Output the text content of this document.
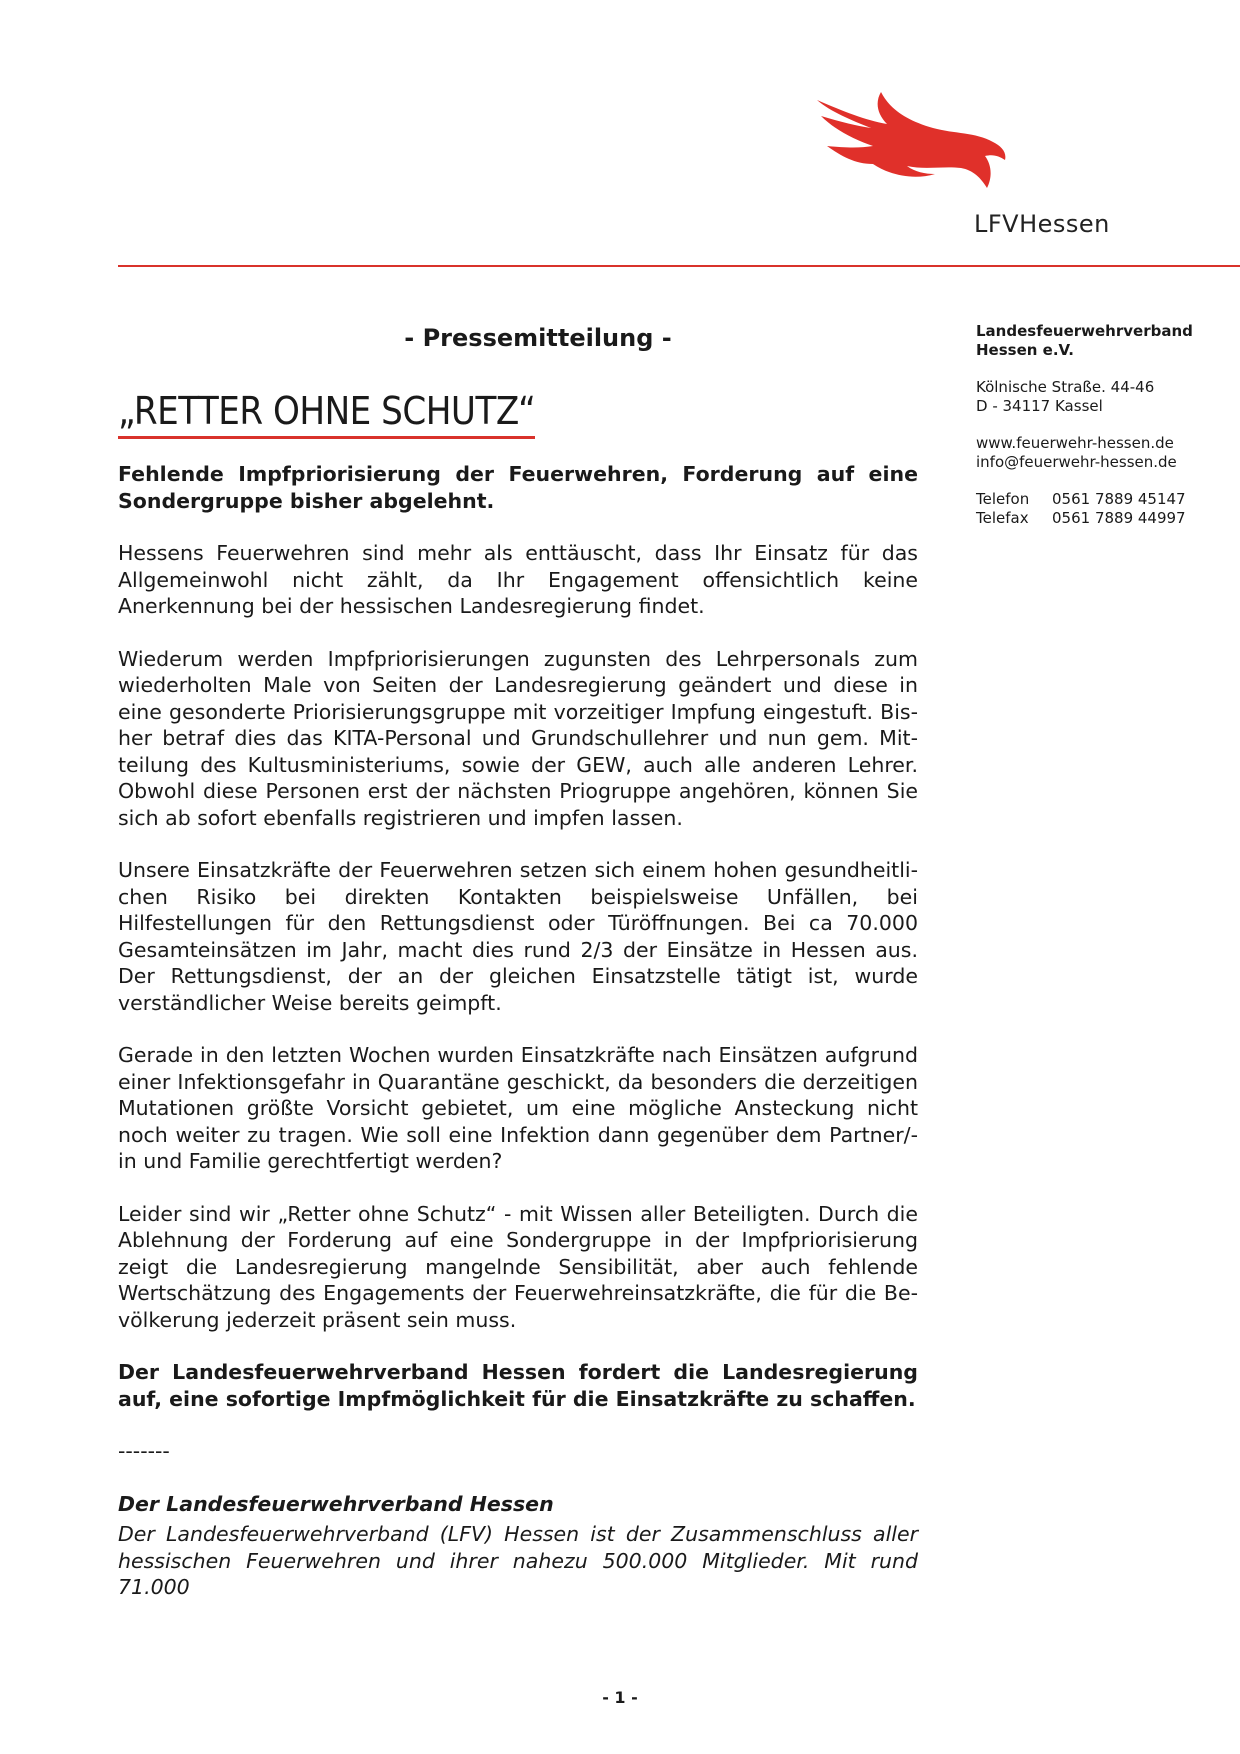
LFVHessen
Landesfeuerwehrverband
Hessen e.V.
Kölnische Straße. 44-46
D - 34117 Kassel
www.feuerwehr-hessen.de
info@feuerwehr-hessen.de
Telefon	0561 7889 45147
Telefax	0561 7889 44997
- Pressemitteilung -
„RETTER OHNE SCHUTZ“

Fehlende Impfpriorisierung der Feuerwehren, Forderung auf eine Sondergruppe bisher abgelehnt.

Hessens Feuerwehren sind mehr als enttäuscht, dass Ihr Einsatz für das Allgemeinwohl nicht zählt, da Ihr Engagement offensichtlich keine Anerkennung bei der hessischen Landesregierung findet.

Wiederum werden Impfpriorisierungen zugunsten des Lehrpersonals zum wiederholten Male von Seiten der Landesregierung geändert und diese in eine gesonderte Priorisierungsgruppe mit vorzeitiger Impfung eingestuft. Bisher betraf dies das KITA-Personal und Grundschullehrer und nun gem. Mitteilung des Kultusministeriums, sowie der GEW, auch alle anderen Lehrer. Obwohl diese Personen erst der nächsten Priogruppe angehören, können Sie sich ab sofort ebenfalls registrieren und impfen lassen.

Unsere Einsatzkräfte der Feuerwehren setzen sich einem hohen gesundheitlichen Risiko bei direkten Kontakten beispielsweise Unfällen, bei Hilfestellungen für den Rettungsdienst oder Türöffnungen. Bei ca 70.000 Gesamteinsätzen im Jahr, macht dies rund 2/3 der Einsätze in Hessen aus. Der Rettungsdienst, der an der gleichen Einsatzstelle tätigt ist, wurde verständlicher Weise bereits geimpft.

Gerade in den letzten Wochen wurden Einsatzkräfte nach Einsätzen aufgrund einer Infektionsgefahr in Quarantäne geschickt, da besonders die derzeitigen Mutationen größte Vorsicht gebietet, um eine mögliche Ansteckung nicht noch weiter zu tragen. Wie soll eine Infektion dann gegenüber dem Partner/-in und Familie gerechtfertigt werden?

Leider sind wir „Retter ohne Schutz“ - mit Wissen aller Beteiligten. Durch die Ablehnung der Forderung auf eine Sondergruppe in der Impfpriorisierung zeigt die Landesregierung mangelnde Sensibilität, aber auch fehlende Wertschätzung des Engagements der Feuerwehreinsatzkräfte, die für die Bevölkerung jederzeit präsent sein muss.

Der Landesfeuerwehrverband Hessen fordert die Landesregierung auf, eine sofortige Impfmöglichkeit für die Einsatzkräfte zu schaffen.

-------

Der Landesfeuerwehrverband Hessen

Der Landesfeuerwehrverband (LFV) Hessen ist der Zusammenschluss aller hessischen Feuerwehren und ihrer nahezu 500.000 Mitglieder. Mit rund 71.000

- 1 -
